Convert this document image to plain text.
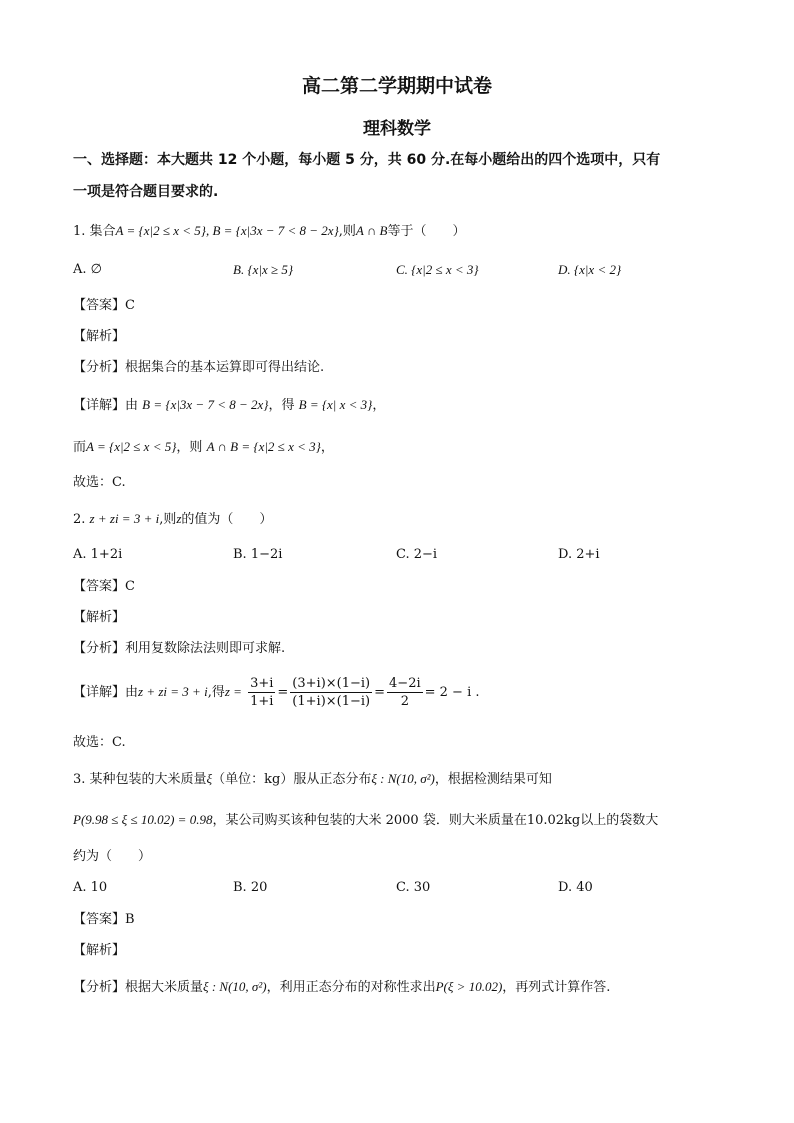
高二第二学期期中试卷
理科数学
一、选择题：本大题共 12 个小题，每小题 5 分，共 60 分.在每小题给出的四个选项中，只有
一项是符合题目要求的.
1. 集合A = {x|2 ≤ x < 5}, B = {x|3x − 7 < 8 − 2x},则A ∩ B等于（　　）
A. ∅	B. {x|x ≥ 5}	C. {x|2 ≤ x < 3}	D. {x|x < 2}
【答案】C
【解析】
【分析】根据集合的基本运算即可得出结论.
【详解】由 B = {x|3x − 7 < 8 − 2x}，得 B = {x| x < 3}，
而A = {x|2 ≤ x < 5}，则 A ∩ B = {x|2 ≤ x < 3}，
故选：C.
2. z + zi = 3 + i,则z的值为（　　）
A. 1+2i	B. 1−2i	C. 2−i	D. 2+i
【答案】C
【解析】
【分析】利用复数除法法则即可求解.
【详解】由z + zi = 3 + i,得$z = \frac{3+i}{1+i} = \frac{(3+i)\times(1-i)}{(1+i)\times(1-i)} = \frac{4-2i}{2} = 2 - i$ .
故选：C.
3. 某种包装的大米质量ξ（单位：kg）服从正态分布ξ : N(10, σ²)，根据检测结果可知
P(9.98 ≤ ξ ≤ 10.02) = 0.98，某公司购买该种包装的大米 2000 袋．则大米质量在10.02kg以上的袋数大
约为（　　）
A. 10	B. 20	C. 30	D. 40
【答案】B
【解析】
【分析】根据大米质量ξ : N(10, σ²)，利用正态分布的对称性求出P(ξ > 10.02)，再列式计算作答.
